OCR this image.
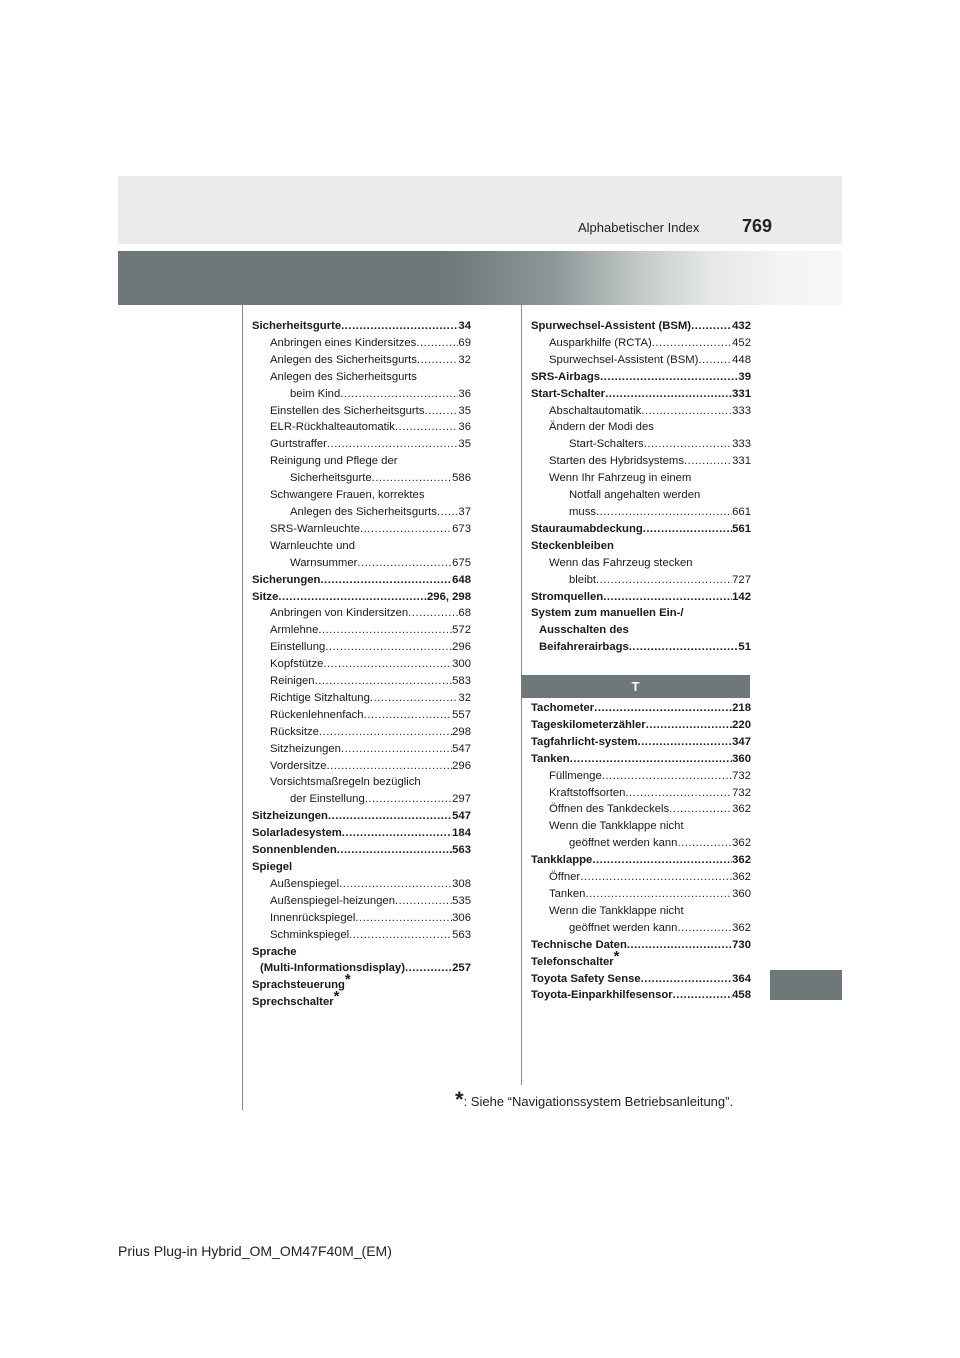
Alphabetischer Index 769
Sicherheitsgurte .....	34
Anbringen eines Kindersitzes .....	69
Anlegen des Sicherheitsgurts .....	32
Anlegen des Sicherheitsgurts
beim Kind .....	36
Einstellen des Sicherheitsgurts .....	35
ELR-Rückhalteautomatik .....	36
Gurtstraffer .....	35
Reinigung und Pflege der
Sicherheitsgurte .....	586
Schwangere Frauen, korrektes
Anlegen des Sicherheitsgurts ..... 37
SRS-Warnleuchte .....	673
Warnleuchte und
Warnsummer .....	675
Sicherungen .....	648
Sitze .....	296, 298
Anbringen von Kindersitzen .....	68
Armlehne .....	572
Einstellung .....	296
Kopfstütze .....	300
Reinigen .....	583
Richtige Sitzhaltung .....	32
Rückenlehnenfach .....	557
Rücksitze .....	298
Sitzheizungen .....	547
Vordersitze .....	296
Vorsichtsmaßregeln bezüglich
der Einstellung .....	297
Sitzheizungen .....	547
Solarladesystem .....	184
Sonnenblenden .....	563
Spiegel
Außenspiegel .....	308
Außenspiegel-heizungen .....	535
Innenrückspiegel .....	306
Schminkspiegel .....	563
Sprache
(Multi-Informationsdisplay) .....	257
Sprachsteuerung*
Sprechschalter*
Spurwechsel-Assistent (BSM) .....	432
Ausparkhilfe (RCTA) .....	452
Spurwechsel-Assistent (BSM) .....	448
SRS-Airbags .....	39
Start-Schalter .....	331
Abschaltautomatik .....	333
Ändern der Modi des
Start-Schalters .....	333
Starten des Hybridsystems .....	331
Wenn Ihr Fahrzeug in einem
Notfall angehalten werden
muss .....	661
Stauraumabdeckung .....	561
Steckenbleiben
Wenn das Fahrzeug stecken
bleibt .....	727
Stromquellen .....	142
System zum manuellen Ein-/
Ausschalten des
Beifahrerairbags .....	51
T
Tachometer .....	218
Tageskilometerzähler .....	220
Tagfahrlicht-system .....	347
Tanken .....	360
Füllmenge .....	732
Kraftstoffsorten .....	732
Öffnen des Tankdeckels .....	362
Wenn die Tankklappe nicht
geöffnet werden kann .....	362
Tankklappe .....	362
Öffner .....	362
Tanken .....	360
Wenn die Tankklappe nicht
geöffnet werden kann .....	362
Technische Daten .....	730
Telefonschalter*
Toyota Safety Sense .....	364
Toyota-Einparkhilfesensor .....	458
*: Siehe “Navigationssystem Betriebsanleitung”.
Prius Plug-in Hybrid_OM_OM47F40M_(EM)
